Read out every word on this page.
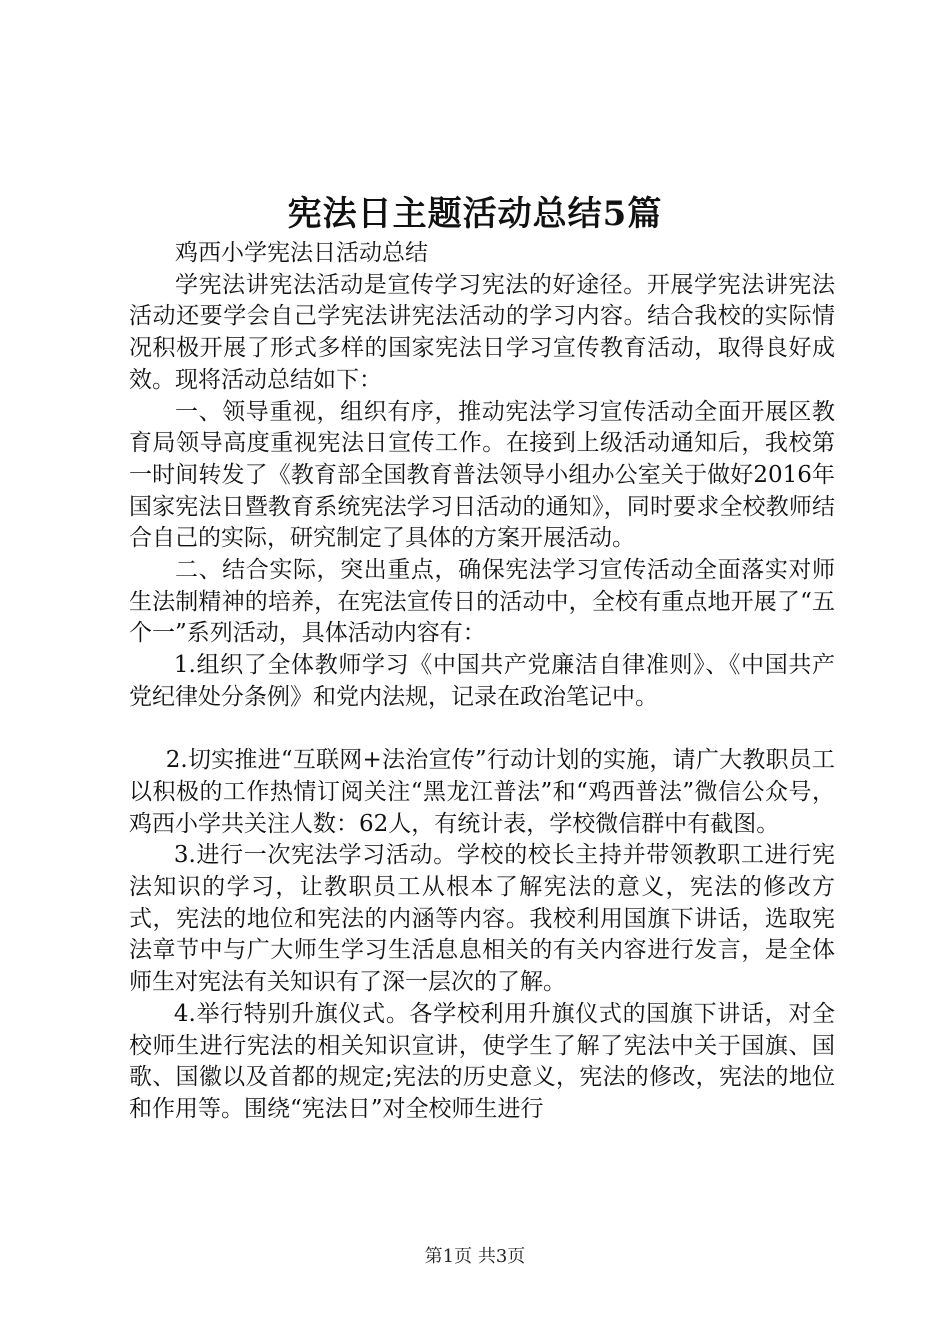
宪法日主题活动总结5篇

鸡西小学宪法日活动总结

学宪法讲宪法活动是宣传学习宪法的好途径。开展学宪法讲宪法活动还要学会自己学宪法讲宪法活动的学习内容。结合我校的实际情况积极开展了形式多样的国家宪法日学习宣传教育活动，取得良好成效。现将活动总结如下：

一、领导重视，组织有序，推动宪法学习宣传活动全面开展区教育局领导高度重视宪法日宣传工作。在接到上级活动通知后，我校第一时间转发了《教育部全国教育普法领导小组办公室关于做好2016年国家宪法日暨教育系统宪法学习日活动的通知》，同时要求全校教师结合自己的实际，研究制定了具体的方案开展活动。

二、结合实际，突出重点，确保宪法学习宣传活动全面落实对师生法制精神的培养，在宪法宣传日的活动中，全校有重点地开展了“五个一”系列活动，具体活动内容有：

1.组织了全体教师学习《中国共产党廉洁自律准则》、《中国共产党纪律处分条例》和党内法规，记录在政治笔记中。

2.切实推进“互联网+法治宣传”行动计划的实施，请广大教职员工以积极的工作热情订阅关注“黑龙江普法”和“鸡西普法”微信公众号，鸡西小学共关注人数：62人，有统计表，学校微信群中有截图。

3.进行一次宪法学习活动。学校的校长主持并带领教职工进行宪法知识的学习，让教职员工从根本了解宪法的意义，宪法的修改方式，宪法的地位和宪法的内涵等内容。我校利用国旗下讲话，选取宪法章节中与广大师生学习生活息息相关的有关内容进行发言，是全体师生对宪法有关知识有了深一层次的了解。

4.举行特别升旗仪式。各学校利用升旗仪式的国旗下讲话，对全校师生进行宪法的相关知识宣讲，使学生了解了宪法中关于国旗、国歌、国徽以及首都的规定;宪法的历史意义，宪法的修改，宪法的地位和作用等。围绕“宪法日”对全校师生进行

第1页 共3页
